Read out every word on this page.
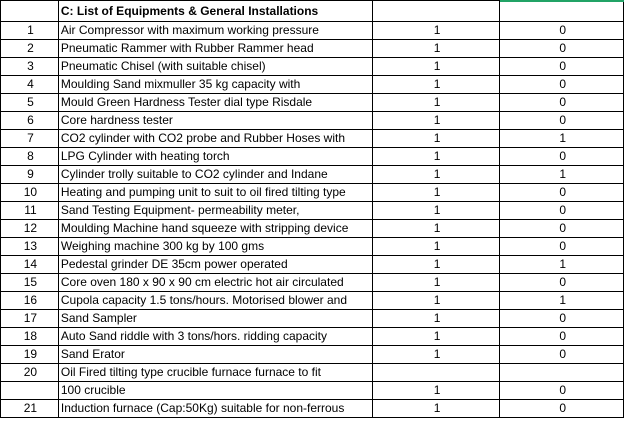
	C: List of Equipments & General Installations		
1	Air Compressor with maximum working pressure	1	0
2	Pneumatic Rammer with Rubber Rammer head	1	0
3	Pneumatic Chisel (with suitable chisel)	1	0
4	Moulding Sand mixmuller 35 kg capacity with	1	0
5	Mould Green Hardness Tester dial type Risdale	1	0
6	Core hardness tester	1	0
7	CO2 cylinder with CO2 probe and Rubber Hoses with	1	1
8	LPG Cylinder with heating torch	1	0
9	Cylinder trolly suitable to CO2 cylinder and Indane	1	1
10	Heating and pumping unit to suit to oil fired tilting type	1	0
11	Sand Testing Equipment- permeability meter,	1	0
12	Moulding Machine hand squeeze with stripping device	1	0
13	Weighing machine 300 kg by 100 gms	1	0
14	Pedestal grinder DE 35cm power operated	1	1
15	Core oven 180 x 90 x 90 cm electric hot air circulated	1	0
16	Cupola capacity 1.5 tons/hours. Motorised blower and	1	1
17	Sand Sampler	1	0
18	Auto Sand riddle with 3 tons/hors. ridding capacity	1	0
19	Sand Erator	1	0
20	Oil Fired tilting type crucible furnace furnace to fit		
	100 crucible	1	0
21	Induction furnace (Cap:50Kg) suitable for non-ferrous	1	0
